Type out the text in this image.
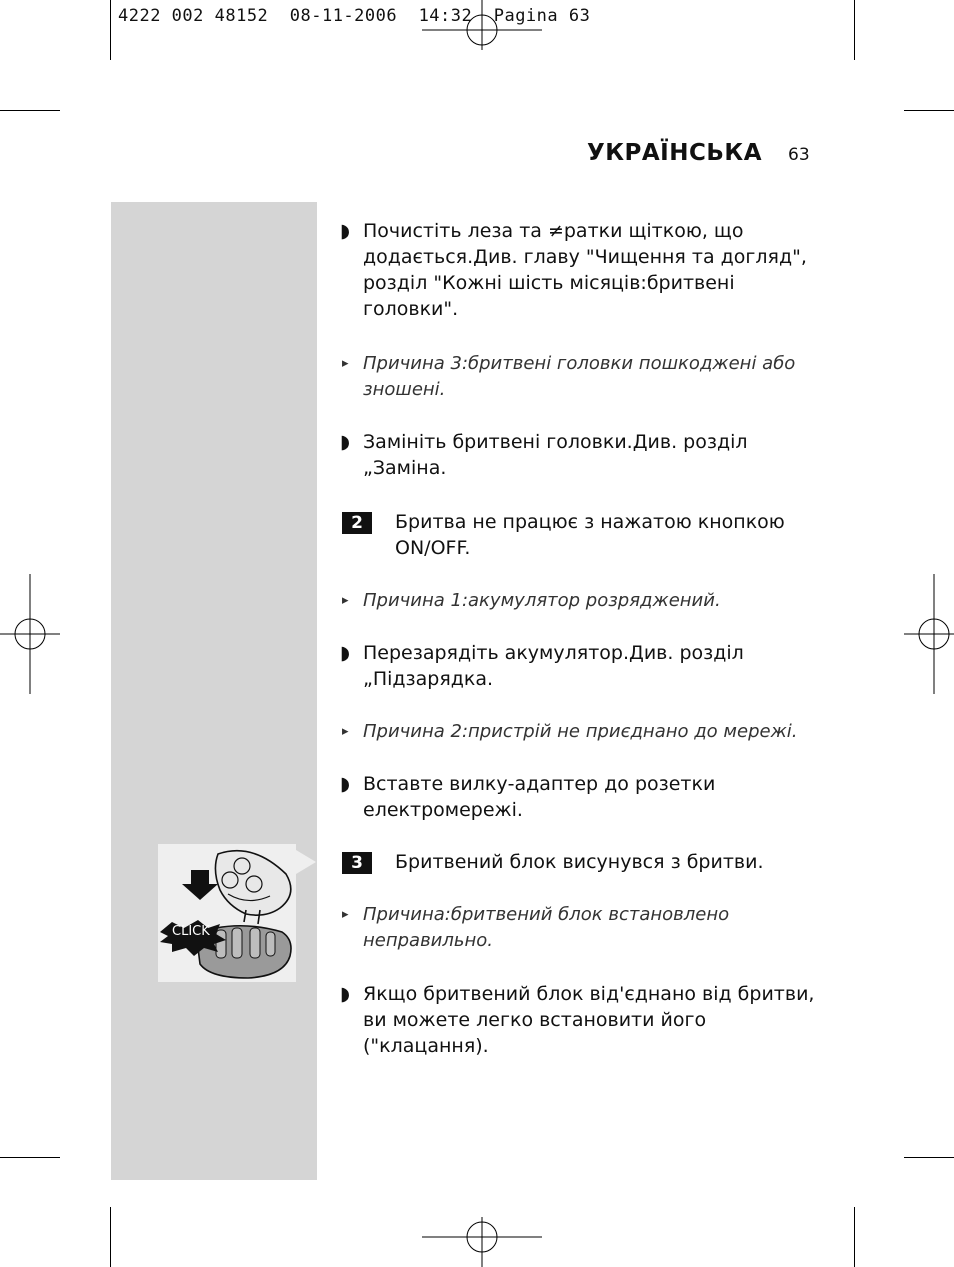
4222 002 48152  08-11-2006  14:32  Pagina 63
УКРАЇНСЬКА 63
CLICK
◗ Почистіть леза та ≠ратки щіткою, що додається.Див. главу "Чищення та догляд", розділ "Кожні шість місяців:бритвені головки".
▸ Причина 3:бритвені головки пошкоджені або зношені.
◗ Замініть бритвені головки.Див. розділ „Заміна.
2	Бритва не працює з нажатою кнопкою ON/OFF.
▸ Причина 1:акумулятор розряджений.
◗ Перезарядіть акумулятор.Див. розділ „Підзарядка.
▸ Причина 2:пристрій не приєднано до мережі.
◗ Вставте вилку-адаптер до розетки електромережі.
3	Бритвений блок висунувся з бритви.
▸ Причина:бритвений блок встановлено неправильно.
◗ Якщо бритвений блок від'єднано від бритви, ви можете легко встановити його ("клацання).
